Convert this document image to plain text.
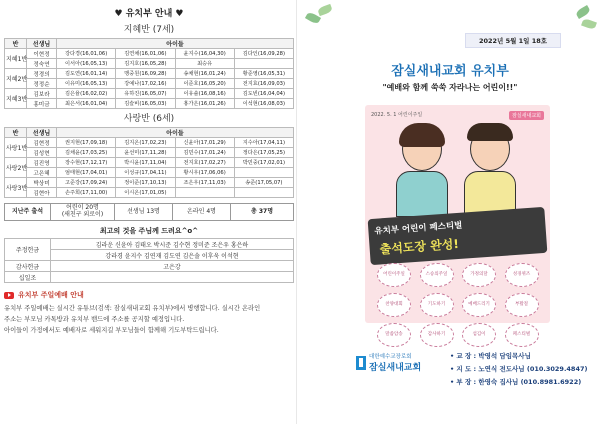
♥ 유치부 안내 ♥
지혜반 (7세)
반	선생님	아이들			
지혜1반	이현정	강다경(16,01,06)	김연채(16,01,06)	윤지수(16,04,30)	김다인(16,09,28)
	정숙연	이서아(16,05,13)	김지호(16,05,28)	최승유	
지혜2반	정경의	김도연(16,01,14)	맹중원(16,09,28)	송채현(16,01,24)	황준영(16,05,31)
	정정순	이유미(16,05,13)	강예나(17,02,16)	이준호(16,05,20)	전지효(16,09,03)
지혜3반	김보라	김은율(16,02,02)	유하진(16,05,07)	이유솔(16,08,16)	김도빈(16,04,04)
	홍미금	최은서(16,01,04)	김슬비(16,05,03)	홍가은(16,01,26)	이석현(16,08,03)
사랑반 (6세)
반	선생님	아이들			
사랑1반	김현정	권지현(17,09,18)	김지온(17,02,23)	신윤아(17,01,29)	지수아(17,04,11)
	김성현	김채윤(17,03,25)	윤선미(17,11,28)	김민수(17,01,24)	정다은(17,05,25)
사랑2반	김진영	장수현(17,12,17)	박시윤(17,11,04)	전지호(17,02,27)	박민중(17,02,01)
	고은혜	엄태현(17,04,01)	이성규(17,04,11)	황시우(17,06,06)	
사랑3반	박상미	고준강(17,09,24)	정이준(17,10,13)	조은우(17,11,03)	송준(17,05,07)
	김현아	손주희(17,11,00)	이시온(17,01,05)		
지난주 출석	어린이 20명
(새친구 외로이)	선생님 13명	온라인 4명	총 37명
최고의 것을 주님께 드려요^o^
주정헌금	김라운 신윤아 김태오 박시준 김수현 정미준 조은우 홍은하
	강라경 윤지수 김연재 김도연 김은솔 이후욱 이석현
감사헌금	고은강
십일조	
유치부 주일예배 안내
유치부 주일예배는 실시간 유튜브(검색: 잠실새내교회 유치부)에서 병행합니다. 실시간 온라인
주소는 부모님 카톡방과 유치부 밴드에 주소를 공지할 예정입니다.
아이들이 가정에서도 예배자로 세워지길 부모님들이 함께해 기도부탁드립니다.
2022년 5월 1일 18호
잠실새내교회 유치부
"예배와 함께 쑥쑥 자라나는 어린이!!"
2022. 5. 1 어린이주일	잠실새내교회
유치부 어린이 페스티벌
출석도장 완성!
어린이주일	스승의주일	가정의달	성경퀴즈
찬양대회	기도하기	예배드리기	부활절
말씀암송	감사하기	섬김이	페스티벌
대한예수교장로회
잠실새내교회
• 교 장 : 박영석 담임목사님
• 지 도 : 노연식 전도사님 (010.3029.4847)
• 부 장 : 한영숙 집사님 (010.8981.6922)
